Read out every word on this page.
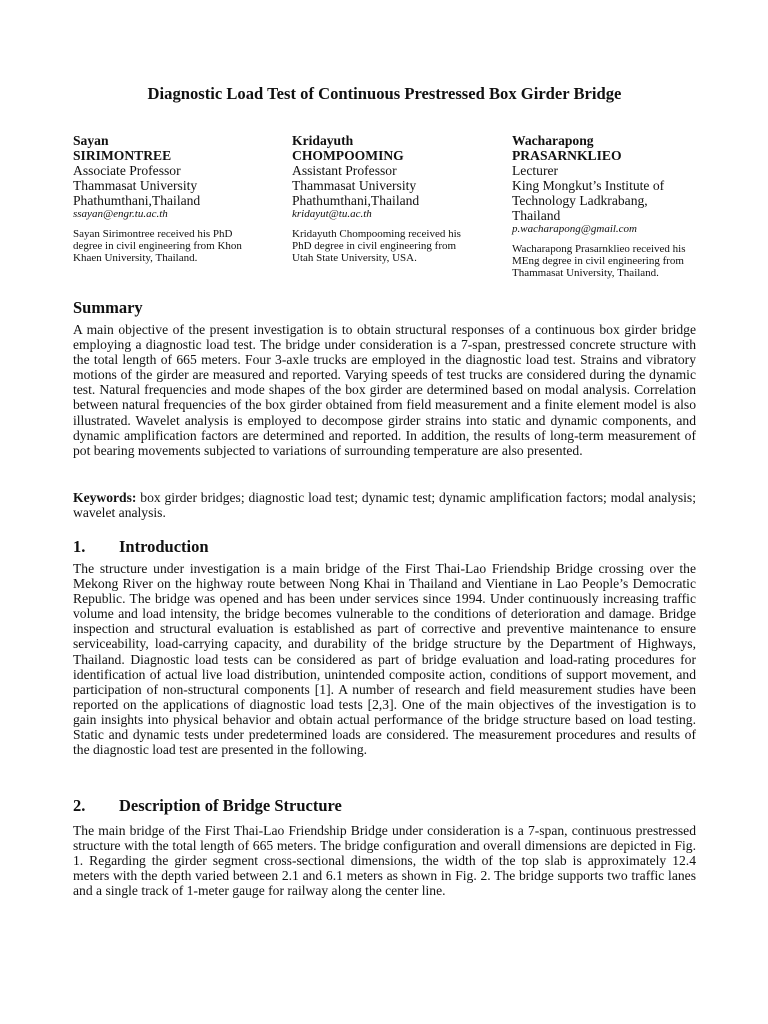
Diagnostic Load Test of Continuous Prestressed Box Girder Bridge
Sayan
SIRIMONTREE
Associate Professor
Thammasat University
Phathumthani,Thailand
ssayan@engr.tu.ac.th
Sayan Sirimontree received his PhD degree in civil engineering from Khon Khaen University, Thailand.
Kridayuth
CHOMPOOMING
Assistant Professor
Thammasat University
Phathumthani,Thailand
kridayut@tu.ac.th
Kridayuth Chompooming received his PhD degree in civil engineering from Utah State University, USA.
Wacharapong
PRASARNKLIEO
Lecturer
King Mongkut’s Institute of
Technology Ladkrabang,
Thailand
p.wacharapong@gmail.com
Wacharapong Prasarnklieo received his MEng degree in civil engineering from Thammasat University, Thailand.
Summary
A main objective of the present investigation is to obtain structural responses of a continuous box girder bridge employing a diagnostic load test. The bridge under consideration is a 7-span, prestressed concrete structure with the total length of 665 meters. Four 3-axle trucks are employed in the diagnostic load test. Strains and vibratory motions of the girder are measured and reported. Varying speeds of test trucks are considered during the dynamic test. Natural frequencies and mode shapes of the box girder are determined based on modal analysis. Correlation between natural frequencies of the box girder obtained from field measurement and a finite element model is also illustrated. Wavelet analysis is employed to decompose girder strains into static and dynamic components, and dynamic amplification factors are determined and reported. In addition, the results of long-term measurement of pot bearing movements subjected to variations of surrounding temperature are also presented.
Keywords: box girder bridges; diagnostic load test; dynamic test; dynamic amplification factors; modal analysis; wavelet analysis.
1. Introduction
The structure under investigation is a main bridge of the First Thai-Lao Friendship Bridge crossing over the Mekong River on the highway route between Nong Khai in Thailand and Vientiane in Lao People’s Democratic Republic. The bridge was opened and has been under services since 1994. Under continuously increasing traffic volume and load intensity, the bridge becomes vulnerable to the conditions of deterioration and damage. Bridge inspection and structural evaluation is established as part of corrective and preventive maintenance to ensure serviceability, load-carrying capacity, and durability of the bridge structure by the Department of Highways, Thailand. Diagnostic load tests can be considered as part of bridge evaluation and load-rating procedures for identification of actual live load distribution, unintended composite action, conditions of support movement, and participation of non-structural components [1]. A number of research and field measurement studies have been reported on the applications of diagnostic load tests [2,3]. One of the main objectives of the investigation is to gain insights into physical behavior and obtain actual performance of the bridge structure based on load testing. Static and dynamic tests under predetermined loads are considered. The measurement procedures and results of the diagnostic load test are presented in the following.
2. Description of Bridge Structure
The main bridge of the First Thai-Lao Friendship Bridge under consideration is a 7-span, continuous prestressed structure with the total length of 665 meters. The bridge configuration and overall dimensions are depicted in Fig. 1. Regarding the girder segment cross-sectional dimensions, the width of the top slab is approximately 12.4 meters with the depth varied between 2.1 and 6.1 meters as shown in Fig. 2. The bridge supports two traffic lanes and a single track of 1-meter gauge for railway along the center line.
